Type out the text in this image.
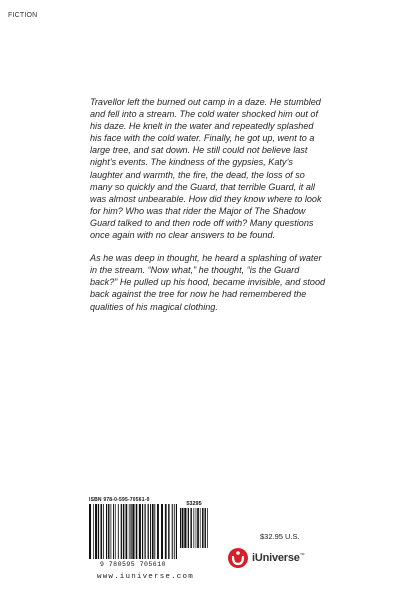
FICTION

Travellor left the burned out camp in a daze. He stumbled and fell into a stream. The cold water shocked him out of his daze. He knelt in the water and repeatedly splashed his face with the cold water. Finally, he got up, went to a large tree, and sat down. He still could not believe last night’s events. The kindness of the gypsies, Katy’s laughter and warmth, the fire, the dead, the loss of so many so quickly and the Guard, that terrible Guard, it all was almost unbearable. How did they know where to look for him? Who was that rider the Major of The Shadow Guard talked to and then rode off with? Many questions once again with no clear answers to be found.

As he was deep in thought, he heard a splashing of water in the stream. “Now what,” he thought, “is the Guard back?” He pulled up his hood, became invisible, and stood back against the tree for now he had remembered the qualities of his magical clothing.

ISBN 978-0-595-70561-0
9 780595 705610
53295
www.iuniverse.com
$32.95 U.S.
iUniverse™
